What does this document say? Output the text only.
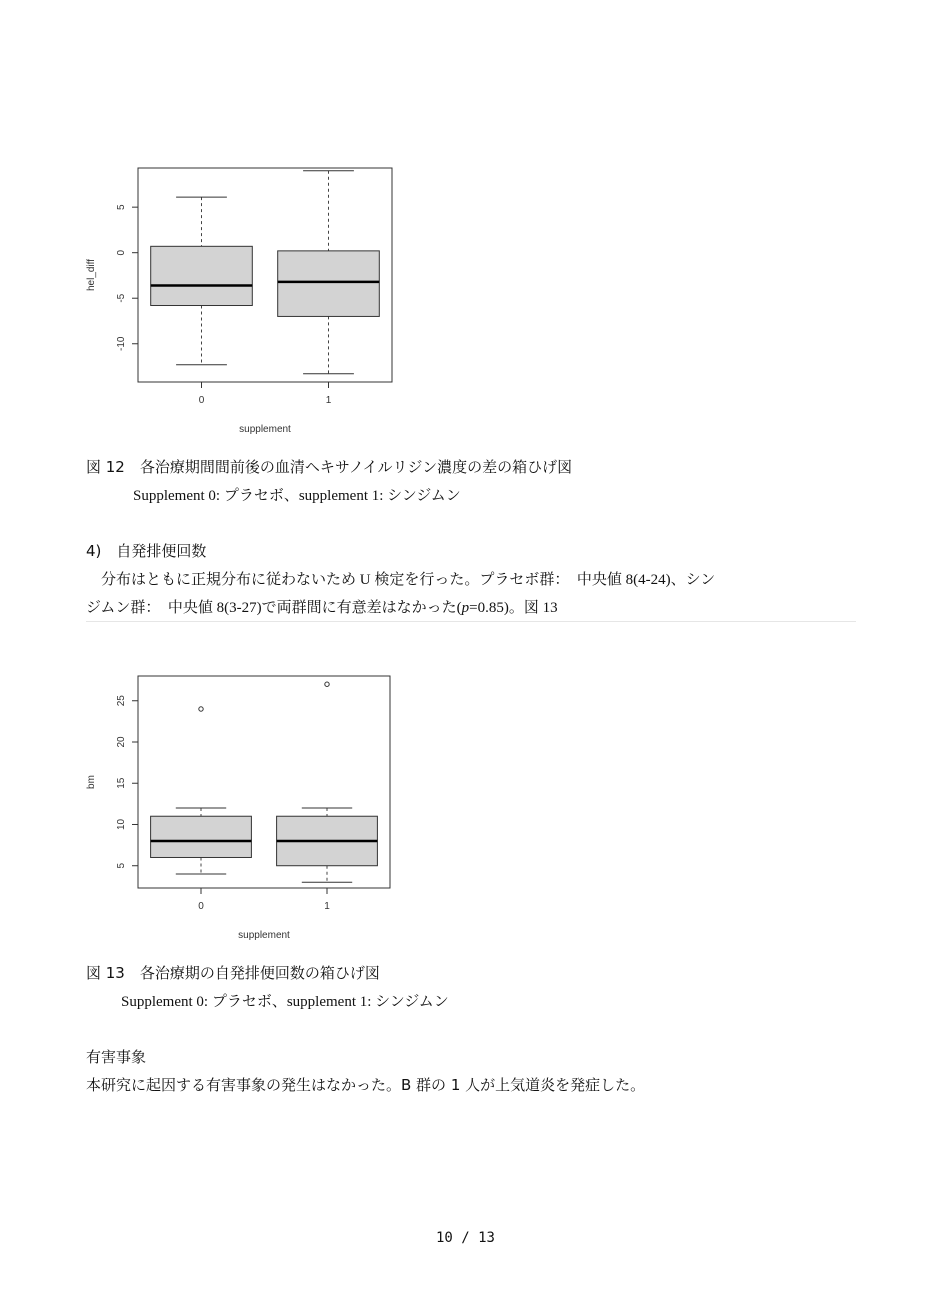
5
0
-5
-10
0	1
supplement
hel_diff
図 12　各治療期間間前後の血清ヘキサノイルリジン濃度の差の箱ひげ図
Supplement 0: プラセボ、supplement 1: シンジムン
4)　自発排便回数
　分布はともに正規分布に従わないため U 検定を行った。プラセボ群：　中央値 8(4-24)、シン
ジムン群：　中央値 8(3-27)で両群間に有意差はなかった(p=0.85)。図 13
25
20
15
10
5
0	1
supplement
bm
図 13　各治療期の自発排便回数の箱ひげ図
Supplement 0: プラセボ、supplement 1: シンジムン
有害事象
本研究に起因する有害事象の発生はなかった。B 群の 1 人が上気道炎を発症した。
10 / 13
